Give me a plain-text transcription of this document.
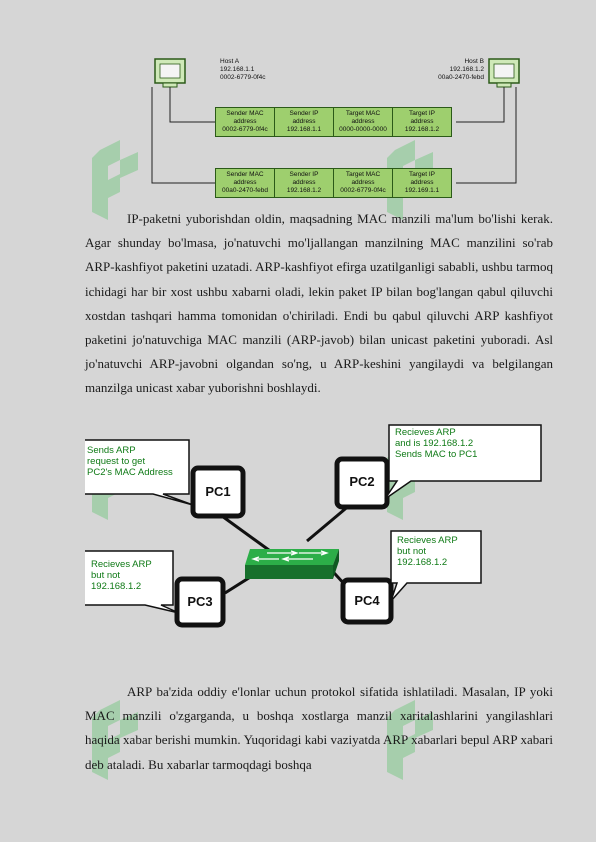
Host A
192.168.1.1
0002-6779-0f4c
Host B
192.168.1.2
00a0-2470-febd
Sender MAC
address
0002-6779-0f4c
Sender IP
address
192.168.1.1
Target MAC
address
0000-0000-0000
Target IP
address
192.168.1.2
Sender MAC
address
00a0-2470-febd
Sender IP
address
192.168.1.2
Target MAC
address
0002-6779-0f4c
Target IP
address
192.169.1.1

IP-paketni yuborishdan oldin, maqsadning MAC manzili ma'lum bo'lishi kerak. Agar shunday bo'lmasa, jo'natuvchi mo'ljallangan manzilning MAC manzilini so'rab ARP-kashfiyot paketini uzatadi. ARP-kashfiyot efirga uzatilganligi sababli, ushbu tarmoq ichidagi har bir xost ushbu xabarni oladi, lekin paket IP bilan bog'langan qabul qiluvchi xostdan tashqari hamma tomonidan o'chiriladi. Endi bu qabul qiluvchi ARP kashfiyot paketini jo'natuvchiga MAC manzili (ARP-javob) bilan unicast paketini yuboradi. Asl jo'natuvchi ARP-javobni olgandan so'ng, u ARP-keshini yangilaydi va belgilangan manzilga unicast xabar yuborishni boshlaydi.

PC1
PC2
PC3	PC4
Sends ARP
request to get
PC2's MAC Address
Recieves ARP
and is 192.168.1.2
Sends MAC to PC1
Recieves ARP
but not
192.168.1.2
Recieves ARP
but not
192.168.1.2

ARP ba'zida oddiy e'lonlar uchun protokol sifatida ishlatiladi. Masalan, IP yoki MAC manzili o'zgarganda, u boshqa xostlarga manzil xaritalashlarini yangilashlari haqida xabar berishi mumkin. Yuqoridagi kabi vaziyatda ARP xabarlari bepul ARP xabari deb ataladi. Bu xabarlar tarmoqdagi boshqa
